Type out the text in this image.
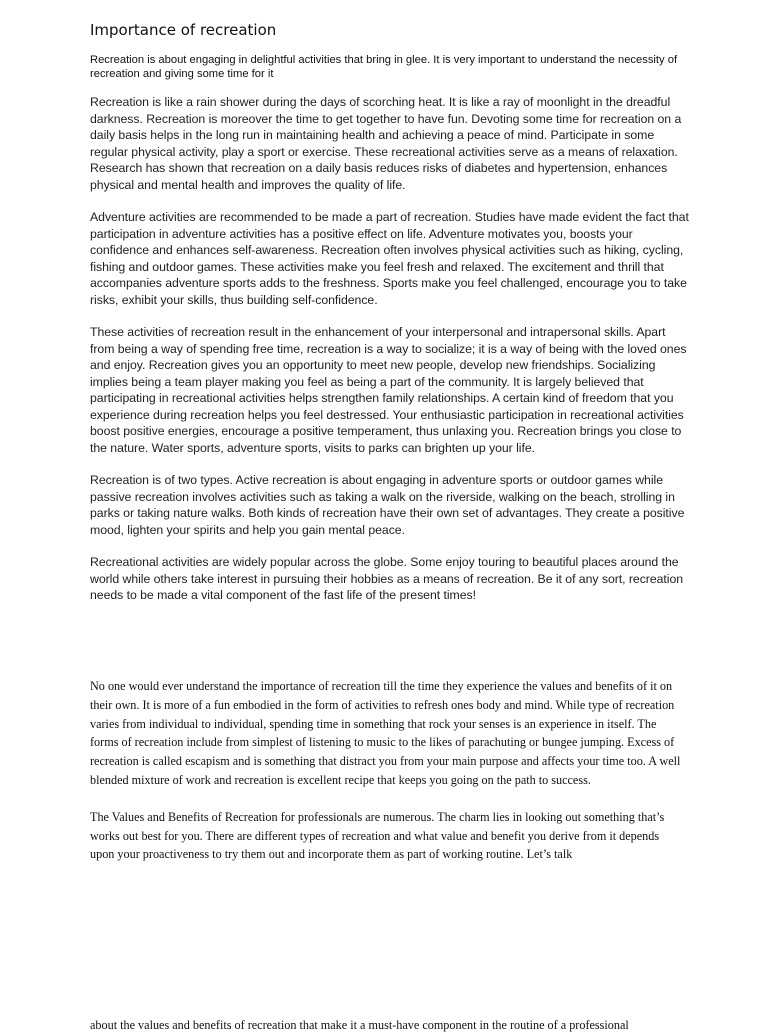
Importance of recreation
Recreation is about engaging in delightful activities that bring in glee. It is very important to understand the necessity of recreation and giving some time for it

Recreation is like a rain shower during the days of scorching heat. It is like a ray of moonlight in the dreadful darkness. Recreation is moreover the time to get together to have fun. Devoting some time for recreation on a daily basis helps in the long run in maintaining health and achieving a peace of mind. Participate in some regular physical activity, play a sport or exercise. These recreational activities serve as a means of relaxation. Research has shown that recreation on a daily basis reduces risks of diabetes and hypertension, enhances physical and mental health and improves the quality of life.

Adventure activities are recommended to be made a part of recreation. Studies have made evident the fact that participation in adventure activities has a positive effect on life. Adventure motivates you, boosts your confidence and enhances self-awareness. Recreation often involves physical activities such as hiking, cycling, fishing and outdoor games. These activities make you feel fresh and relaxed. The excitement and thrill that accompanies adventure sports adds to the freshness. Sports make you feel challenged, encourage you to take risks, exhibit your skills, thus building self-confidence.

These activities of recreation result in the enhancement of your interpersonal and intrapersonal skills. Apart from being a way of spending free time, recreation is a way to socialize; it is a way of being with the loved ones and enjoy. Recreation gives you an opportunity to meet new people, develop new friendships. Socializing implies being a team player making you feel as being a part of the community. It is largely believed that participating in recreational activities helps strengthen family relationships. A certain kind of freedom that you experience during recreation helps you feel destressed. Your enthusiastic participation in recreational activities boost positive energies, encourage a positive temperament, thus unlaxing you. Recreation brings you close to the nature. Water sports, adventure sports, visits to parks can brighten up your life.

Recreation is of two types. Active recreation is about engaging in adventure sports or outdoor games while passive recreation involves activities such as taking a walk on the riverside, walking on the beach, strolling in parks or taking nature walks. Both kinds of recreation have their own set of advantages. They create a positive mood, lighten your spirits and help you gain mental peace.

Recreational activities are widely popular across the globe. Some enjoy touring to beautiful places around the world while others take interest in pursuing their hobbies as a means of recreation. Be it of any sort, recreation needs to be made a vital component of the fast life of the present times!

No one would ever understand the importance of recreation till the time they experience the values and benefits of it on their own. It is more of a fun embodied in the form of activities to refresh ones body and mind. While type of recreation varies from individual to individual, spending time in something that rock your senses is an experience in itself. The forms of recreation include from simplest of listening to music to the likes of parachuting or bungee jumping. Excess of recreation is called escapism and is something that distract you from your main purpose and affects your time too. A well blended mixture of work and recreation is excellent recipe that keeps you going on the path to success.

The Values and Benefits of Recreation for professionals are numerous. The charm lies in looking out something that’s works out best for you. There are different types of recreation and what value and benefit you derive from it depends upon your proactiveness to try them out and incorporate them as part of working routine. Let’s talk

about the values and benefits of recreation that make it a must-have component in the routine of a professional
